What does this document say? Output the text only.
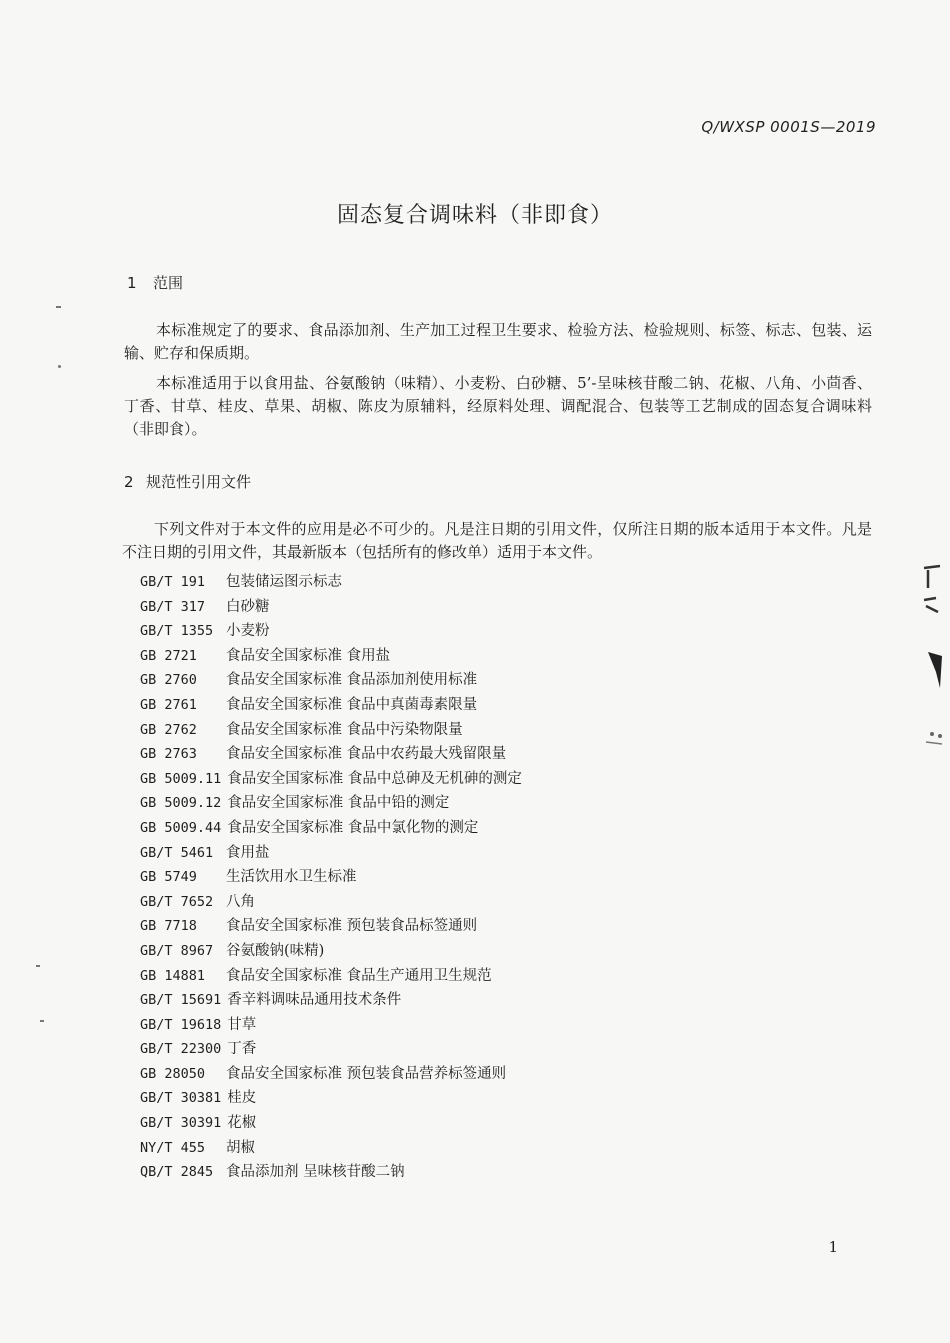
Q/WXSP 0001S—2019
固态复合调味料（非即食）
1 范围
本标准规定了的要求、食品添加剂、生产加工过程卫生要求、检验方法、检验规则、标签、标志、包装、运输、贮存和保质期。
本标准适用于以食用盐、谷氨酸钠（味精）、小麦粉、白砂糖、5’-呈味核苷酸二钠、花椒、八角、小茴香、丁香、甘草、桂皮、草果、胡椒、陈皮为原辅料，经原料处理、调配混合、包装等工艺制成的固态复合调味料（非即食）。
2 规范性引用文件
下列文件对于本文件的应用是必不可少的。凡是注日期的引用文件，仅所注日期的版本适用于本文件。凡是不注日期的引用文件，其最新版本（包括所有的修改单）适用于本文件。
GB/T 191 包装储运图示标志
GB/T 317 白砂糖
GB/T 1355 小麦粉
GB 2721 食品安全国家标准 食用盐
GB 2760 食品安全国家标准 食品添加剂使用标准
GB 2761 食品安全国家标准 食品中真菌毒素限量
GB 2762 食品安全国家标准 食品中污染物限量
GB 2763 食品安全国家标准 食品中农药最大残留限量
GB 5009.11 食品安全国家标准 食品中总砷及无机砷的测定
GB 5009.12 食品安全国家标准 食品中铅的测定
GB 5009.44 食品安全国家标准 食品中氯化物的测定
GB/T 5461 食用盐
GB 5749 生活饮用水卫生标准
GB/T 7652 八角
GB 7718 食品安全国家标准 预包装食品标签通则
GB/T 8967 谷氨酸钠(味精)
GB 14881 食品安全国家标准 食品生产通用卫生规范
GB/T 15691 香辛料调味品通用技术条件
GB/T 19618 甘草
GB/T 22300 丁香
GB 28050 食品安全国家标准 预包装食品营养标签通则
GB/T 30381 桂皮
GB/T 30391 花椒
NY/T 455 胡椒
QB/T 2845 食品添加剂 呈味核苷酸二钠
1
